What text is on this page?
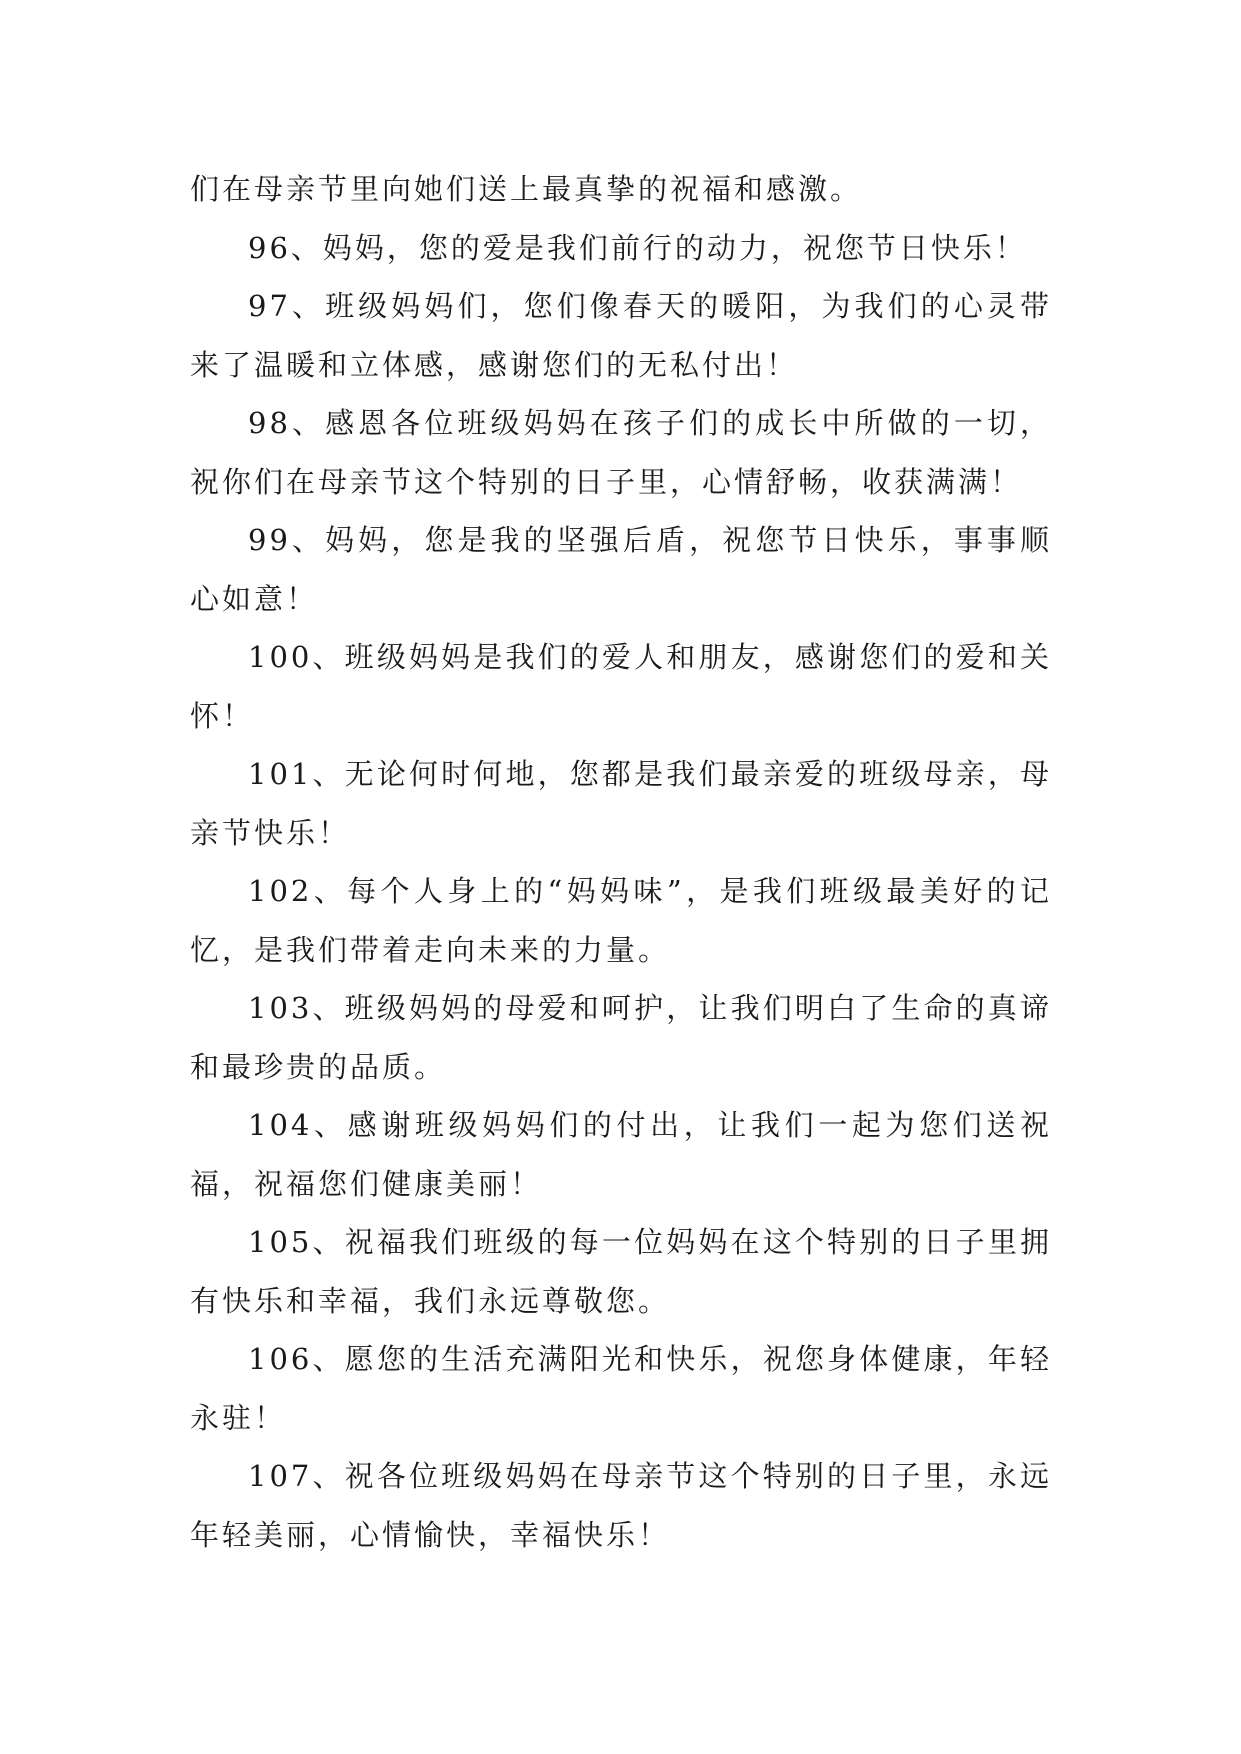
们在母亲节里向她们送上最真挚的祝福和感激。

96、妈妈，您的爱是我们前行的动力，祝您节日快乐！

97、班级妈妈们，您们像春天的暖阳，为我们的心灵带来了温暖和立体感，感谢您们的无私付出！

98、感恩各位班级妈妈在孩子们的成长中所做的一切，祝你们在母亲节这个特别的日子里，心情舒畅，收获满满！

99、妈妈，您是我的坚强后盾，祝您节日快乐，事事顺心如意！

100、班级妈妈是我们的爱人和朋友，感谢您们的爱和关怀！

101、无论何时何地，您都是我们最亲爱的班级母亲，母亲节快乐！

102、每个人身上的“妈妈味”，是我们班级最美好的记忆，是我们带着走向未来的力量。

103、班级妈妈的母爱和呵护，让我们明白了生命的真谛和最珍贵的品质。

104、感谢班级妈妈们的付出，让我们一起为您们送祝福，祝福您们健康美丽！

105、祝福我们班级的每一位妈妈在这个特别的日子里拥有快乐和幸福，我们永远尊敬您。

106、愿您的生活充满阳光和快乐，祝您身体健康，年轻永驻！

107、祝各位班级妈妈在母亲节这个特别的日子里，永远年轻美丽，心情愉快，幸福快乐！
